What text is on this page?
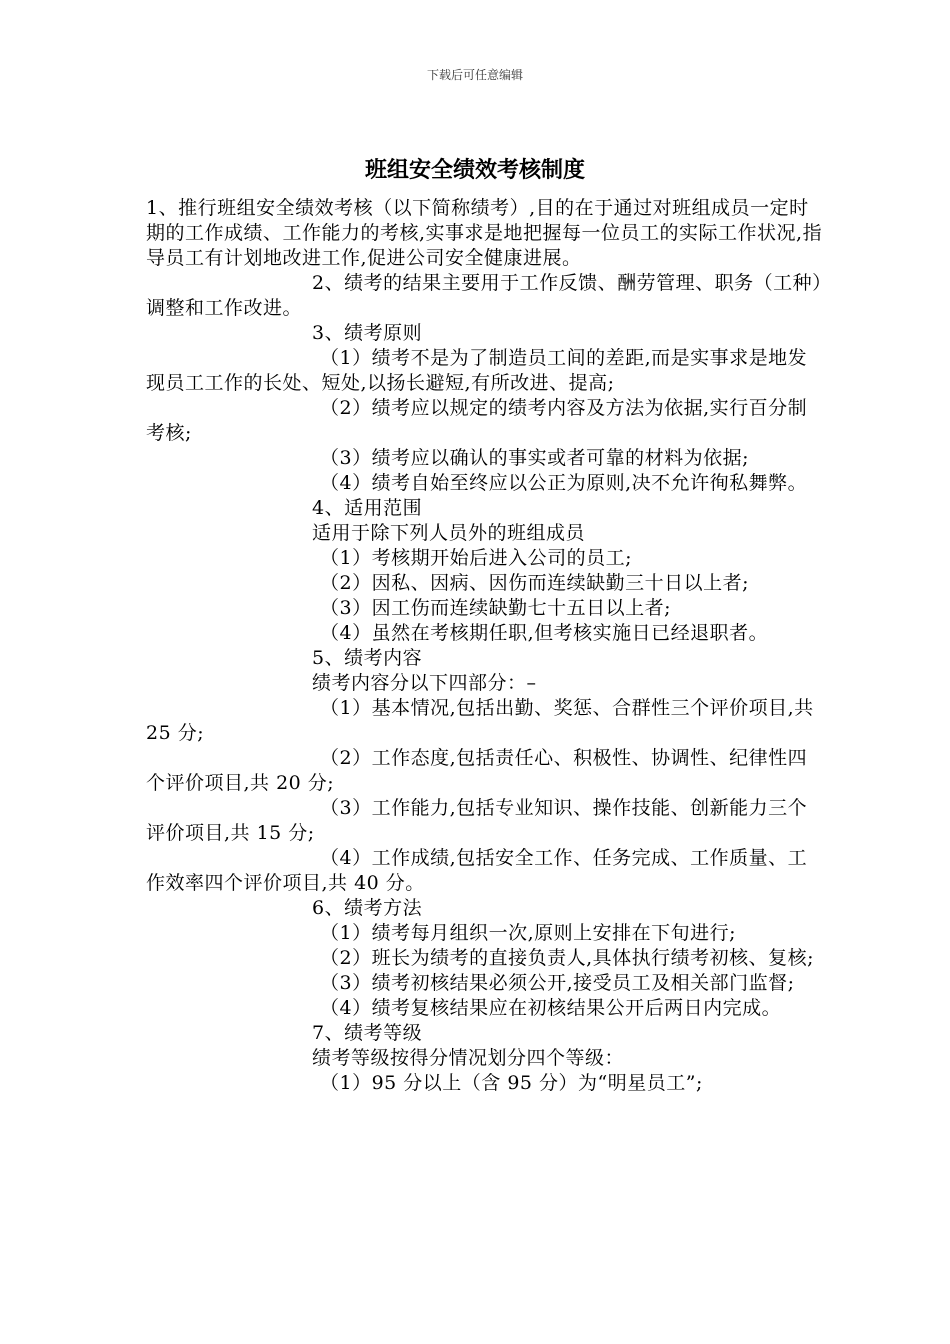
下载后可任意编辑

班组安全绩效考核制度

1、推行班组安全绩效考核（以下简称绩考）,目的在于通过对班组成员一定时期的工作成绩、工作能力的考核,实事求是地把握每一位员工的实际工作状况,指导员工有计划地改进工作,促进公司安全健康进展。

2、绩考的结果主要用于工作反馈、酬劳管理、职务（工种）调整和工作改进。

3、绩考原则

（1）绩考不是为了制造员工间的差距,而是实事求是地发现员工工作的长处、短处,以扬长避短,有所改进、提高;

（2）绩考应以规定的绩考内容及方法为依据,实行百分制考核;

（3）绩考应以确认的事实或者可靠的材料为依据;

（4）绩考自始至终应以公正为原则,决不允许徇私舞弊。

4、适用范围

适用于除下列人员外的班组成员

（1）考核期开始后进入公司的员工;

（2）因私、因病、因伤而连续缺勤三十日以上者;

（3）因工伤而连续缺勤七十五日以上者;

（4）虽然在考核期任职,但考核实施日已经退职者。

5、绩考内容

绩考内容分以下四部分：–

（1）基本情况,包括出勤、奖惩、合群性三个评价项目,共 25 分;

（2）工作态度,包括责任心、积极性、协调性、纪律性四个评价项目,共 20 分;

（3）工作能力,包括专业知识、操作技能、创新能力三个评价项目,共 15 分;

（4）工作成绩,包括安全工作、任务完成、工作质量、工作效率四个评价项目,共 40 分。

6、绩考方法

（1）绩考每月组织一次,原则上安排在下旬进行;

（2）班长为绩考的直接负责人,具体执行绩考初核、复核;

（3）绩考初核结果必须公开,接受员工及相关部门监督;

（4）绩考复核结果应在初核结果公开后两日内完成。

7、绩考等级

绩考等级按得分情况划分四个等级：

（1）95 分以上（含 95 分）为“明星员工”;
